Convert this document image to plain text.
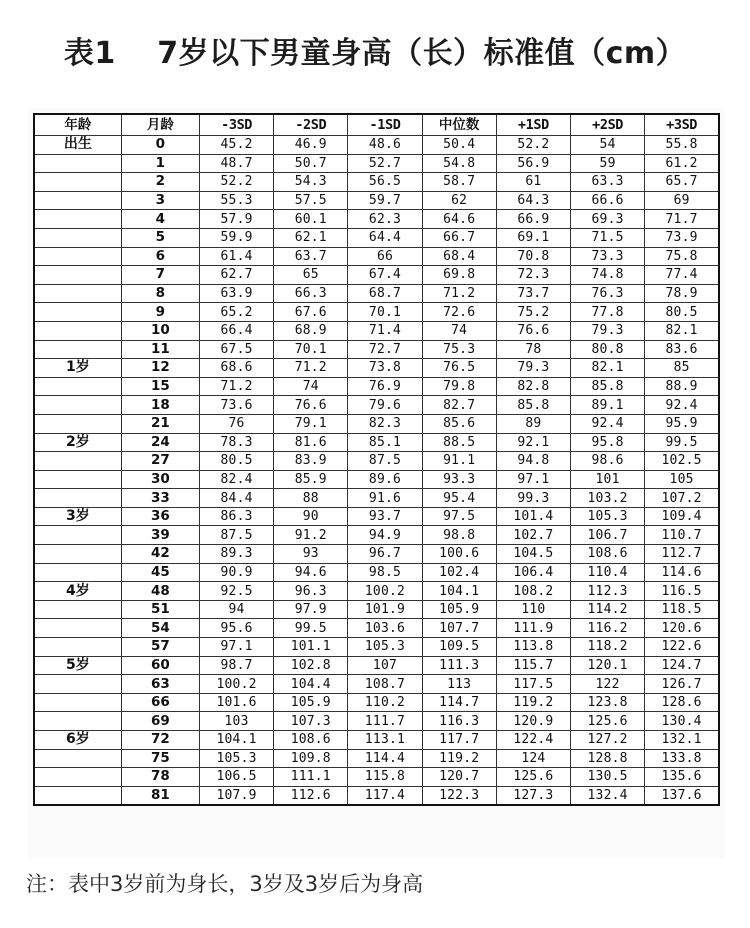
表1  7岁以下男童身高（长）标准值（cm）
年龄	月龄	-3SD	-2SD	-1SD	中位数	+1SD	+2SD	+3SD
出生	0	45.2	46.9	48.6	50.4	52.2	54	55.8
	1	48.7	50.7	52.7	54.8	56.9	59	61.2
	2	52.2	54.3	56.5	58.7	61	63.3	65.7
	3	55.3	57.5	59.7	62	64.3	66.6	69
	4	57.9	60.1	62.3	64.6	66.9	69.3	71.7
	5	59.9	62.1	64.4	66.7	69.1	71.5	73.9
	6	61.4	63.7	66	68.4	70.8	73.3	75.8
	7	62.7	65	67.4	69.8	72.3	74.8	77.4
	8	63.9	66.3	68.7	71.2	73.7	76.3	78.9
	9	65.2	67.6	70.1	72.6	75.2	77.8	80.5
	10	66.4	68.9	71.4	74	76.6	79.3	82.1
	11	67.5	70.1	72.7	75.3	78	80.8	83.6
1岁	12	68.6	71.2	73.8	76.5	79.3	82.1	85
	15	71.2	74	76.9	79.8	82.8	85.8	88.9
	18	73.6	76.6	79.6	82.7	85.8	89.1	92.4
	21	76	79.1	82.3	85.6	89	92.4	95.9
2岁	24	78.3	81.6	85.1	88.5	92.1	95.8	99.5
	27	80.5	83.9	87.5	91.1	94.8	98.6	102.5
	30	82.4	85.9	89.6	93.3	97.1	101	105
	33	84.4	88	91.6	95.4	99.3	103.2	107.2
3岁	36	86.3	90	93.7	97.5	101.4	105.3	109.4
	39	87.5	91.2	94.9	98.8	102.7	106.7	110.7
	42	89.3	93	96.7	100.6	104.5	108.6	112.7
	45	90.9	94.6	98.5	102.4	106.4	110.4	114.6
4岁	48	92.5	96.3	100.2	104.1	108.2	112.3	116.5
	51	94	97.9	101.9	105.9	110	114.2	118.5
	54	95.6	99.5	103.6	107.7	111.9	116.2	120.6
	57	97.1	101.1	105.3	109.5	113.8	118.2	122.6
5岁	60	98.7	102.8	107	111.3	115.7	120.1	124.7
	63	100.2	104.4	108.7	113	117.5	122	126.7
	66	101.6	105.9	110.2	114.7	119.2	123.8	128.6
	69	103	107.3	111.7	116.3	120.9	125.6	130.4
6岁	72	104.1	108.6	113.1	117.7	122.4	127.2	132.1
	75	105.3	109.8	114.4	119.2	124	128.8	133.8
	78	106.5	111.1	115.8	120.7	125.6	130.5	135.6
	81	107.9	112.6	117.4	122.3	127.3	132.4	137.6
注：表中3岁前为身长，3岁及3岁后为身高
